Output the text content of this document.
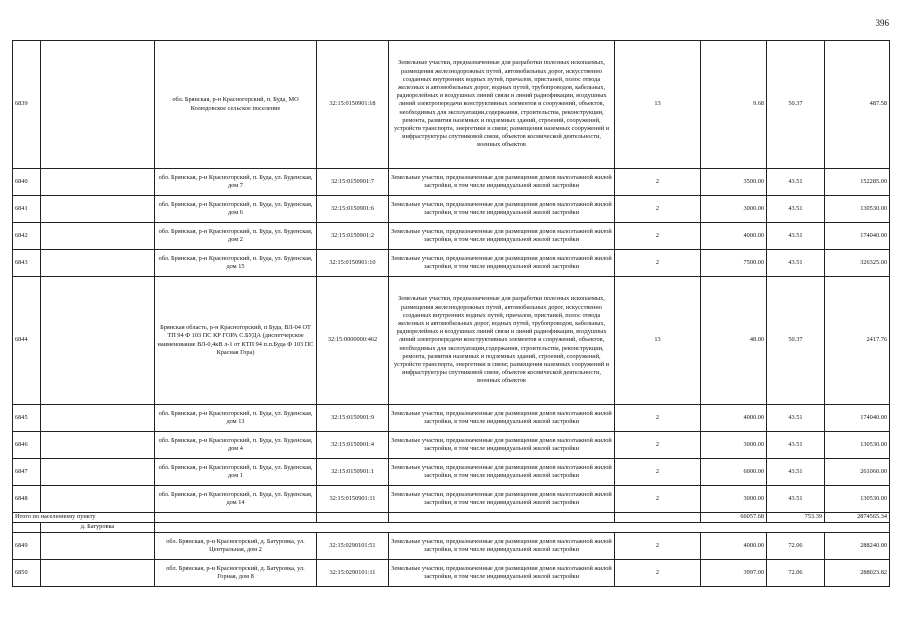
396
6839		обл. Брянская, р-н Красногорский, п. Буда, МО Колюдовское сельское поселение	32:15:0150901:18	Земельные участки, предназначенные для разработки полезных ископаемых, размещения железнодорожных путей, автомобильных дорог, искусственно созданных внутренних водных путей, причалов, пристаней, полос отвода железных и автомобильных дорог, водных путей, трубопроводов, кабельных, радиорелейных и воздушных линий связи и линий радиофикации, воздушных линий электропередачи конструктивных элементов и сооружений, объектов, необходимых для эксплуатации,содержания, строительства, реконструкции, ремонта, развития наземных и подземных зданий, строений, сооружений, устройств транспорта, энергетики и связи; размещения наземных сооружений и инфраструктуры спутниковой связи, объектов космической деятельности, военных объектов	13	9.68	50.37	487.58
6840		обл. Брянская, р-н Красногорский, п. Буда, ул. Буденская, дом 7	32:15:0150901:7	Земельные участки, предназначенные для размещения домов малоэтажной жилой застройки, в том числе индивидуальной жилой застройки	2	3500.00	43.51	152285.00
6841		обл. Брянская, р-н Красногорский, п. Буда, ул. Буденская, дом 6	32:15:0150901:6	Земельные участки, предназначенные для размещения домов малоэтажной жилой застройки, в том числе индивидуальной жилой застройки	2	3000.00	43.51	130530.00
6842		обл. Брянская, р-н Красногорский, п. Буда, ул. Буденская, дом 2	32:15:0150901:2	Земельные участки, предназначенные для размещения домов малоэтажной жилой застройки, в том числе индивидуальной жилой застройки	2	4000.00	43.51	174040.00
6843		обл. Брянская, р-н Красногорский, п. Буда, ул. Буденская, дом 15	32:15:0150901:10	Земельные участки, предназначенные для размещения домов малоэтажной жилой застройки, в том числе индивидуальной жилой застройки	2	7500.00	43.51	326325.00
6844		Брянская область, р-н Красногорский, п Буда, ВЛ-04 ОТ ТП 94 Ф 103 ПС КР ГОРА С.БУДА (диспетчерское наименование ВЛ-0,4кВ л-1 от КТП 94 п.п.Буда Ф 103 ПС Красная Гора)	32:15:0000000:462	Земельные участки, предназначенные для разработки полезных ископаемых, размещения железнодорожных путей, автомобильных дорог, искусственно созданных внутренних водных путей, причалов, пристаней, полос отвода железных и автомобильных дорог, водных путей, трубопроводов, кабельных, радиорелейных и воздушных линий связи и линий радиофикации, воздушных линий электропередачи конструктивных элементов и сооружений, объектов, необходимых для эксплуатации,содержания, строительства, реконструкции, ремонта, развития наземных и подземных зданий, строений, сооружений, устройств транспорта, энергетики и связи; размещения наземных сооружений и инфраструктуры спутниковой связи, объектов космической деятельности, военных объектов	13	48.00	50.37	2417.76
6845		обл. Брянская, р-н Красногорский, п. Буда, ул. Буденская, дом 13	32:15:0150901:9	Земельные участки, предназначенные для размещения домов малоэтажной жилой застройки, в том числе индивидуальной жилой застройки	2	4000.00	43.51	174040.00
6846		обл. Брянская, р-н Красногорский, п. Буда, ул. Буденская, дом 4	32:15:0150901:4	Земельные участки, предназначенные для размещения домов малоэтажной жилой застройки, в том числе индивидуальной жилой застройки	2	3000.00	43.51	130530.00
6847		обл. Брянская, р-н Красногорский, п. Буда, ул. Буденская, дом 1	32:15:0150901:1	Земельные участки, предназначенные для размещения домов малоэтажной жилой застройки, в том числе индивидуальной жилой застройки	2	6000.00	43.51	261060.00
6848		обл. Брянская, р-н Красногорский, п. Буда, ул. Буденская, дом 14	32:15:0150901:11	Земельные участки, предназначенные для размещения домов малоэтажной жилой застройки, в том числе индивидуальной жилой застройки	2	3000.00	43.51	130530.00
Итого по населенному пункту						66057.68	753.39	2874565.34
	д. Батуровка							
6849		обл. Брянская, р-н Красногорский, д. Батуровка, ул. Центральная, дом 2	32:15:0290101:51	Земельные участки, предназначенные для размещения домов малоэтажной жилой застройки, в том числе индивидуальной жилой застройки	2	4000.00	72.06	288240.00
6850		обл. Брянская, р-н Красногорский, д. Батуровка, ул. Горная, дом 8	32:15:0290101:11	Земельные участки, предназначенные для размещения домов малоэтажной жилой застройки, в том числе индивидуальной жилой застройки	2	3997.00	72.06	288023.82
